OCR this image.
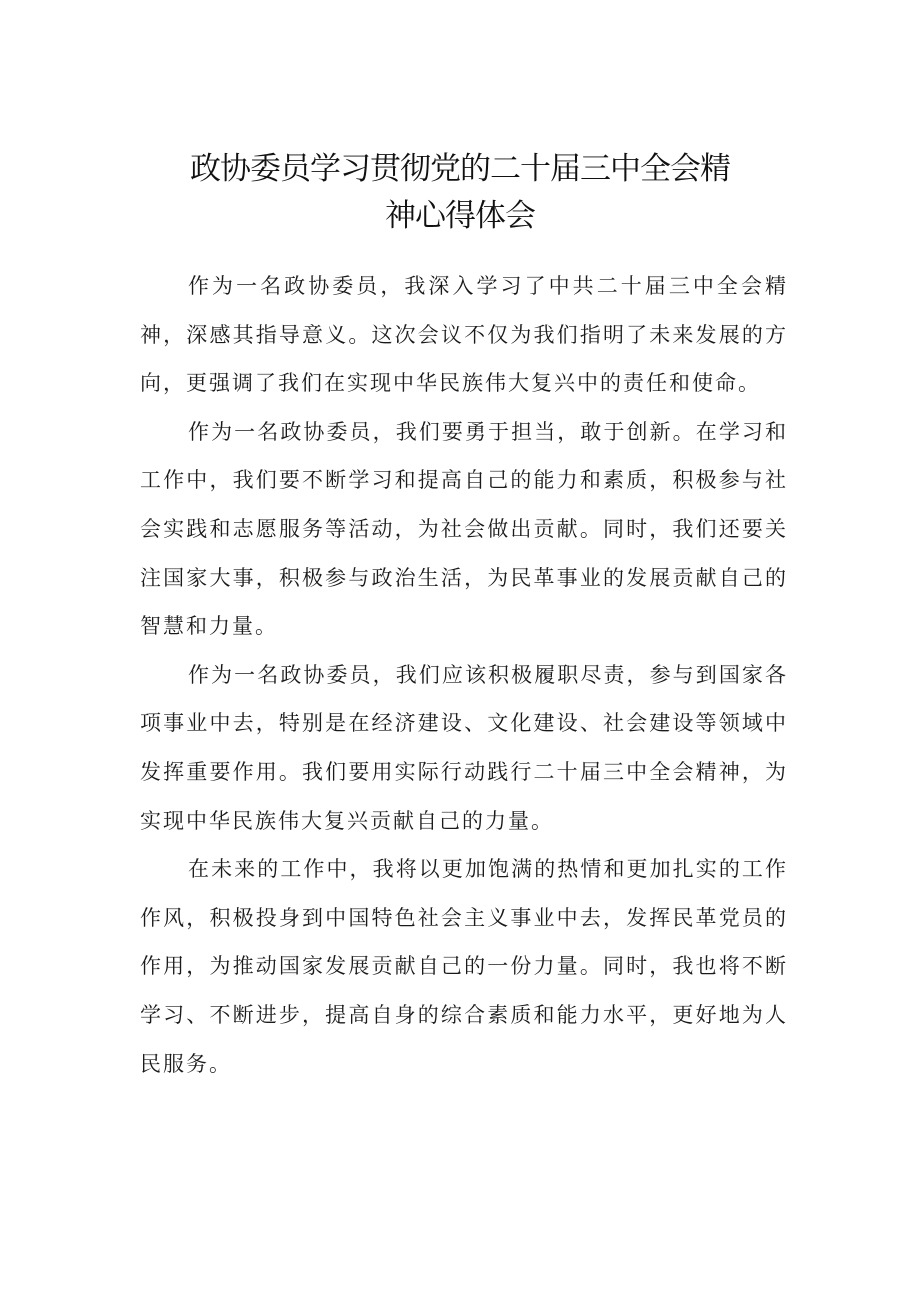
政协委员学习贯彻党的二十届三中全会精
神心得体会

作为一名政协委员，我深入学习了中共二十届三中全会精神，深感其指导意义。这次会议不仅为我们指明了未来发展的方向，更强调了我们在实现中华民族伟大复兴中的责任和使命。

作为一名政协委员，我们要勇于担当，敢于创新。在学习和工作中，我们要不断学习和提高自己的能力和素质，积极参与社会实践和志愿服务等活动，为社会做出贡献。同时，我们还要关注国家大事，积极参与政治生活，为民革事业的发展贡献自己的智慧和力量。

作为一名政协委员，我们应该积极履职尽责，参与到国家各项事业中去，特别是在经济建设、文化建设、社会建设等领域中发挥重要作用。我们要用实际行动践行二十届三中全会精神，为实现中华民族伟大复兴贡献自己的力量。

在未来的工作中，我将以更加饱满的热情和更加扎实的工作作风，积极投身到中国特色社会主义事业中去，发挥民革党员的作用，为推动国家发展贡献自己的一份力量。同时，我也将不断学习、不断进步，提高自身的综合素质和能力水平，更好地为人民服务。
